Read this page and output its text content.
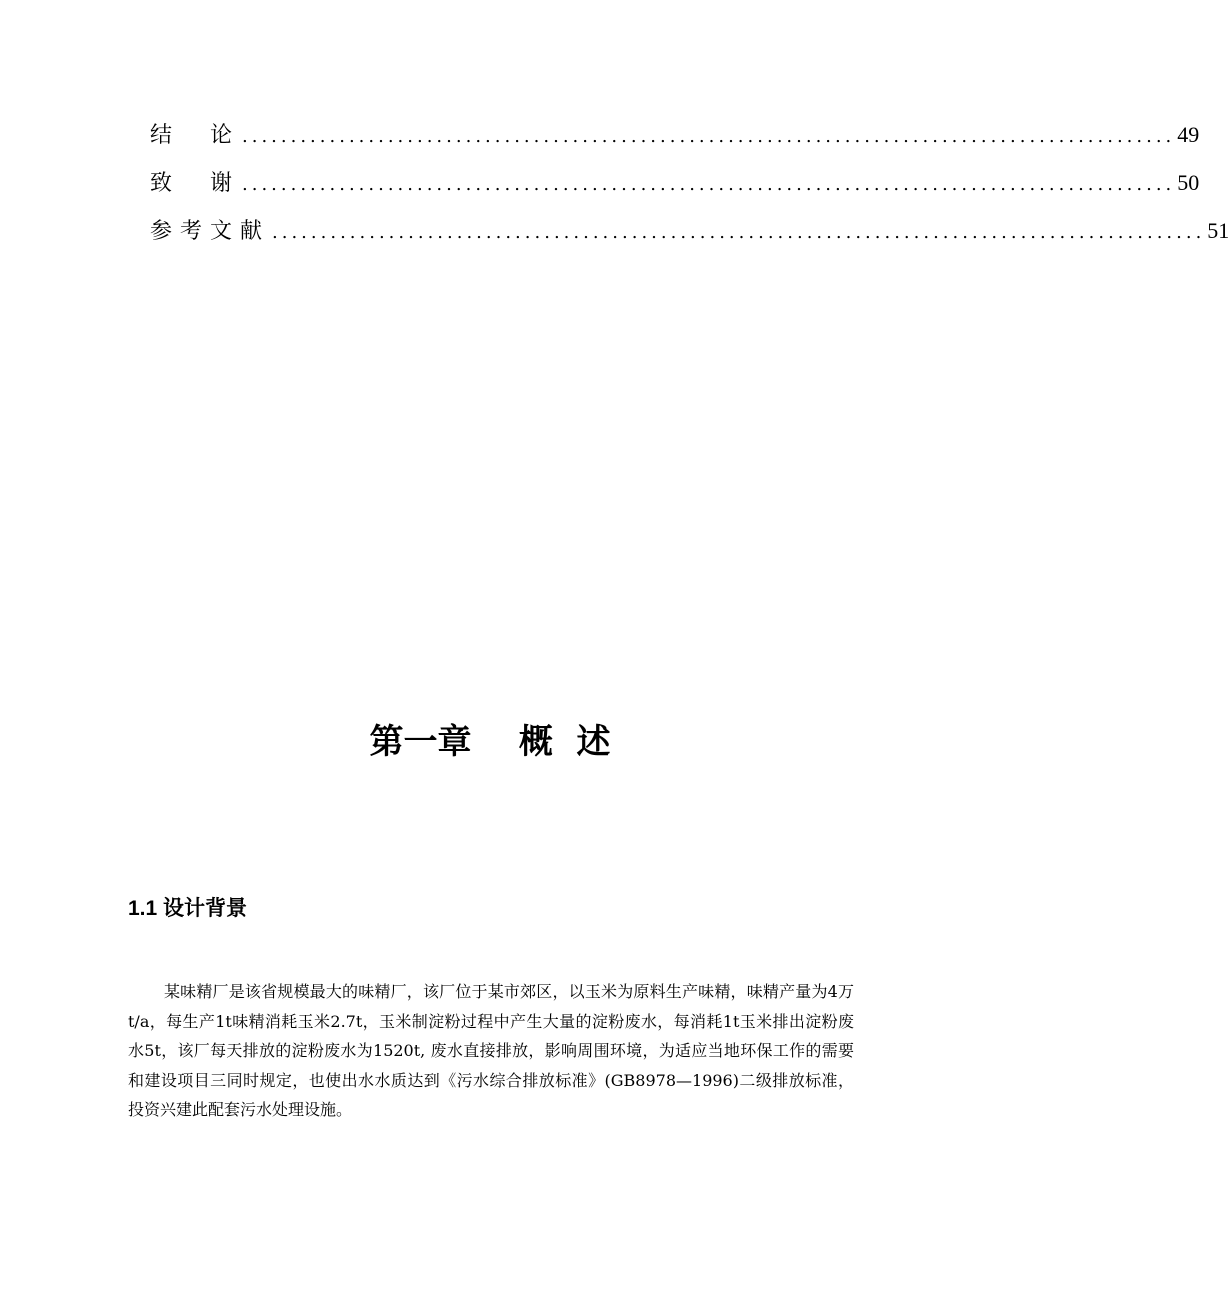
结  论 ................................................................................................ 49
致  谢 ................................................................................................ 50
参考文献 ................................................................................................ 51
第一章    概  述
1.1 设计背景
某味精厂是该省规模最大的味精厂，该厂位于某市郊区，以玉米为原料生产味精，味精产量为4万t/a，每生产1t味精消耗玉米2.7t，玉米制淀粉过程中产生大量的淀粉废水，每消耗1t玉米排出淀粉废水5t，该厂每天排放的淀粉废水为1520t, 废水直接排放，影响周围环境，为适应当地环保工作的需要和建设项目三同时规定，也使出水水质达到《污水综合排放标准》(GB8978—1996)二级排放标准，投资兴建此配套污水处理设施。
